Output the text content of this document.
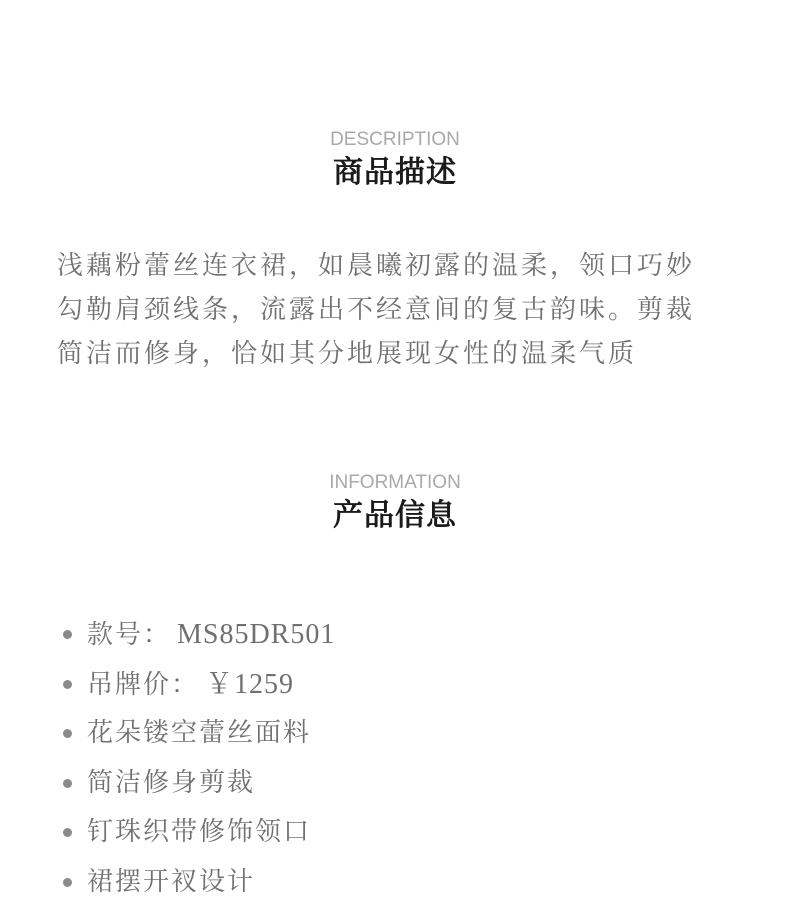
DESCRIPTION
商品描述

浅藕粉蕾丝连衣裙，如晨曦初露的温柔，领口巧妙
勾勒肩颈线条，流露出不经意间的复古韵味。剪裁
简洁而修身，恰如其分地展现女性的温柔气质

INFORMATION
产品信息
款号： MS85DR501
吊牌价： ￥1259
花朵镂空蕾丝面料
简洁修身剪裁
钉珠织带修饰领口
裙摆开衩设计
